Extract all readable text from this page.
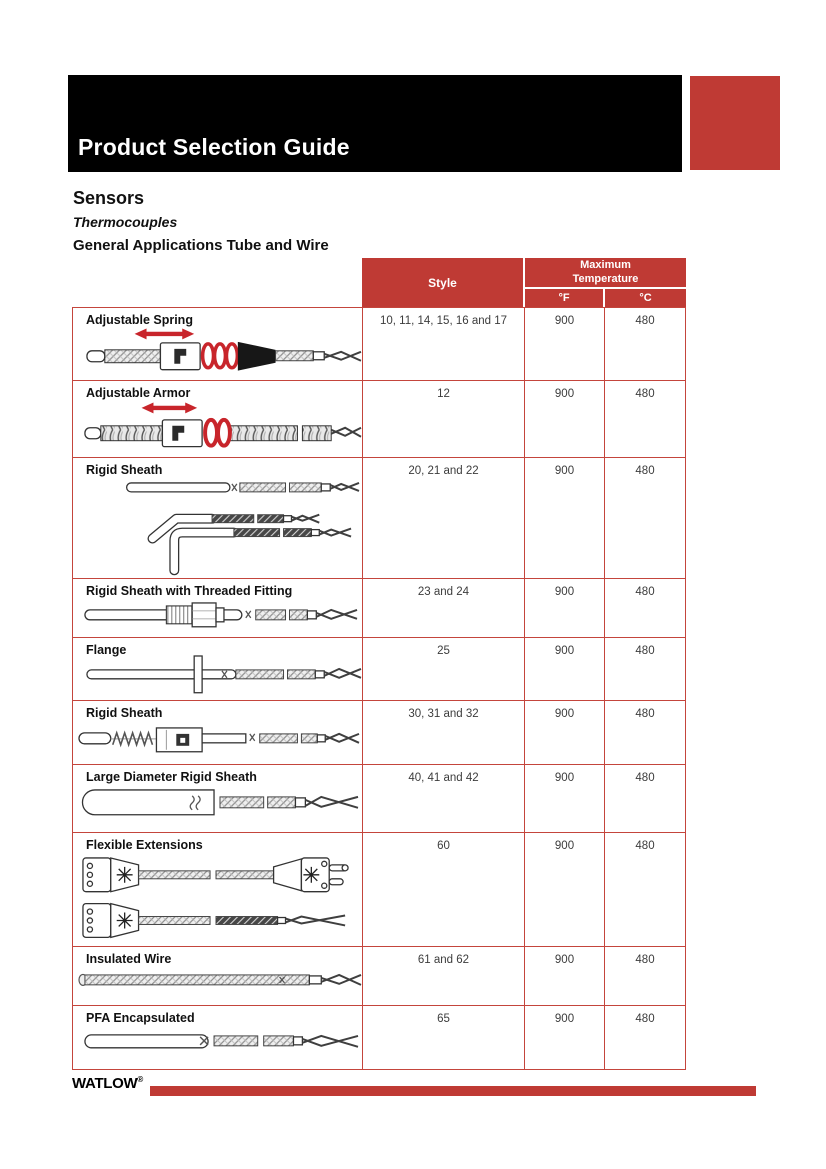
Product Selection Guide
Sensors
Thermocouples
General Applications Tube and Wire
Style
Maximum Temperature
°F	°C
Adjustable Spring	10, 11, 14, 15, 16 and 17	900	480
Adjustable Armor	12	900	480
Rigid Sheath	20, 21 and 22	900	480
Rigid Sheath with Threaded Fitting	23 and 24	900	480
Flange	25	900	480
Rigid Sheath	30, 31 and 32	900	480
Large Diameter Rigid Sheath	40, 41 and 42	900	480
Flexible Extensions	60	900	480
Insulated Wire	61 and 62	900	480
PFA Encapsulated	65	900	480
WATLOW®
